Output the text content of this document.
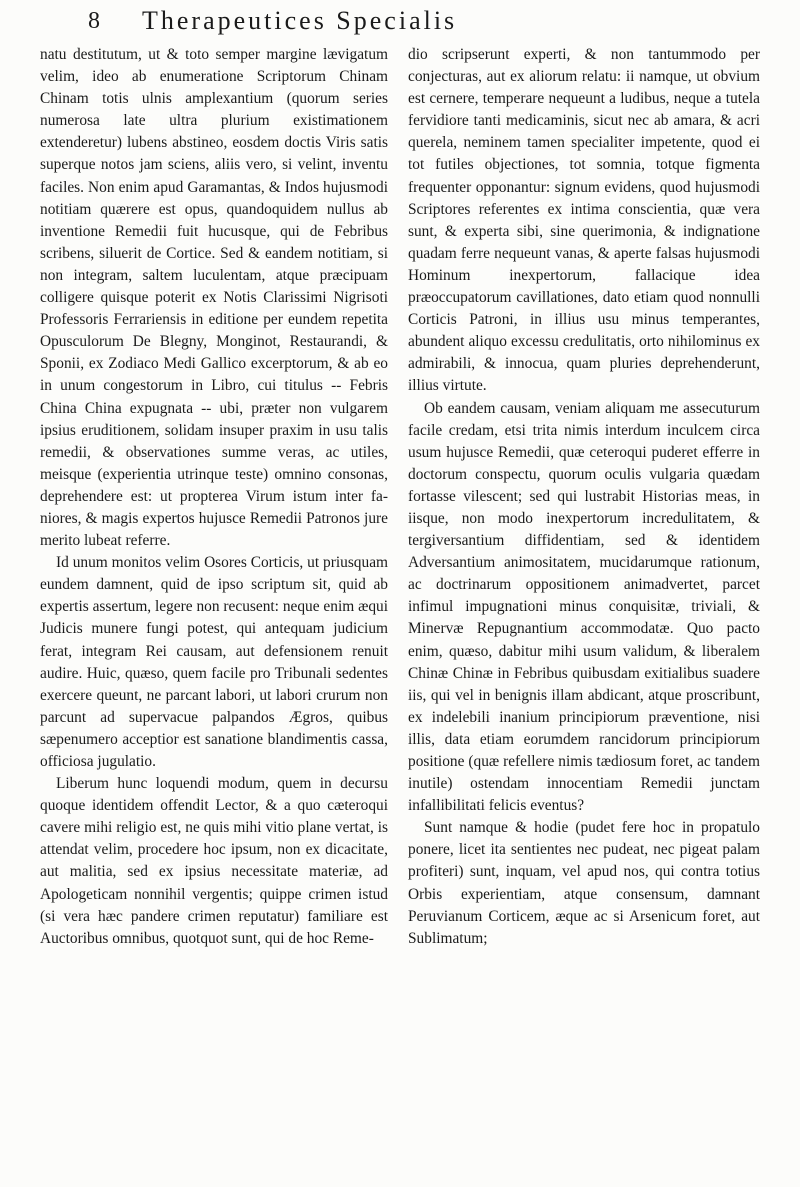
8 Therapeutices Specialis

natu destitutum, ut & toto semper margine lævigatum velim, ideo ab enumeratione Scriptorum Chinam Chinam totis ulnis amplexantium (quorum series numerosa late ultra plurium existimationem extenderetur) lubens abstineo, eosdem doctis Viris satis superque notos jam sciens, aliis vero, si velint, inventu faciles. Non enim apud Garamantas, & Indos hujusmodi notitiam quærere est opus, quandoquidem nullus ab inventione Remedii fuit hucusque, qui de Febribus scribens, siluerit de Cortice. Sed & eandem notitiam, si non integram, saltem luculentam, atque præcipuam colligere quisque poterit ex Notis Clarissimi Nigrisoti Professoris Ferrariensis in editione per eundem repetita Opusculorum De Blegny, Monginot, Restaurandi, & Sponii, ex Zodiaco Medi Gallico excerptorum, & ab eo in unum congestorum in Libro, cui titulus -- Febris China China expugnata -- ubi, præter non vulgarem ipsius eruditionem, solidam insuper praxim in usu talis remedii, & observationes summe veras, ac utiles, meisque (experientia utrinque teste) omnino consonas, deprehendere est: ut propterea Virum istum inter fa- niores, & magis expertos hujusce Remedii Patronos jure merito lubeat referre.

Id unum monitos velim Osores Corticis, ut priusquam eundem damnent, quid de ipso scriptum sit, quid ab expertis assertum, legere non recusent: neque enim æqui Judicis munere fungi potest, qui antequam judicium ferat, integram Rei causam, aut defensionem renuit audire. Huic, quæso, quem facile pro Tribunali sedentes exercere queunt, ne parcant labori, ut labori crurum non parcunt ad supervacue palpandos Ægros, quibus sæpenumero acceptior est sanatione blandimentis cassa, officiosa jugulatio.

Liberum hunc loquendi modum, quem in decursu quoque identidem offendit Lector, & a quo cæteroqui cavere mihi religio est, ne quis mihi vitio plane vertat, is attendat velim, procedere hoc ipsum, non ex dicacitate, aut malitia, sed ex ipsius necessitate materiæ, ad Apologeticam nonnihil vergentis; quippe crimen istud (si vera hæc pandere crimen reputatur) familiare est Auctoribus omnibus, quotquot sunt, qui de hoc Reme-

dio scripserunt experti, & non tantummodo per conjecturas, aut ex aliorum relatu: ii namque, ut obvium est cernere, temperare nequeunt a ludibus, neque a tutela fervidiore tanti medicaminis, sicut nec ab amara, & acri querela, neminem tamen specialiter impetente, quod ei tot futiles objectiones, tot somnia, totque figmenta frequenter opponantur: signum evidens, quod hujusmodi Scriptores referentes ex intima conscientia, quæ vera sunt, & experta sibi, sine querimonia, & indignatione quadam ferre nequeunt vanas, & aperte falsas hujusmodi Hominum inexpertorum, fallacique idea præoccupatorum cavillationes, dato etiam quod nonnulli Corticis Patroni, in illius usu minus temperantes, abundent aliquo excessu credulitatis, orto nihilominus ex admirabili, & innocua, quam pluries deprehenderunt, illius virtute.

Ob eandem causam, veniam aliquam me assecuturum facile credam, etsi trita nimis interdum inculcem circa usum hujusce Remedii, quæ ceteroqui puderet efferre in doctorum conspectu, quorum oculis vulgaria quædam fortasse vilescent; sed qui lustrabit Historias meas, in iisque, non modo inexpertorum incredulitatem, & tergiversantium diffidentiam, sed & identidem Adversantium animositatem, mucidarumque rationum, ac doctrinarum oppositionem animadvertet, parcet infimul impugnationi minus conquisitæ, triviali, & Minervæ Repugnantium accommodatæ. Quo pacto enim, quæso, dabitur mihi usum validum, & liberalem Chinæ Chinæ in Febribus quibusdam exitialibus suadere iis, qui vel in benignis illam abdicant, atque proscribunt, ex indelebili inanium principiorum præventione, nisi illis, data etiam eorumdem rancidorum principiorum positione (quæ refellere nimis tædiosum foret, ac tandem inutile) ostendam innocentiam Remedii junctam infallibilitati felicis eventus?

Sunt namque & hodie (pudet fere hoc in propatulo ponere, licet ita sentientes nec pudeat, nec pigeat palam profiteri) sunt, inquam, vel apud nos, qui contra totius Orbis experientiam, atque consensum, damnant Peruvianum Corticem, æque ac si Arsenicum foret, aut Sublimatum;
